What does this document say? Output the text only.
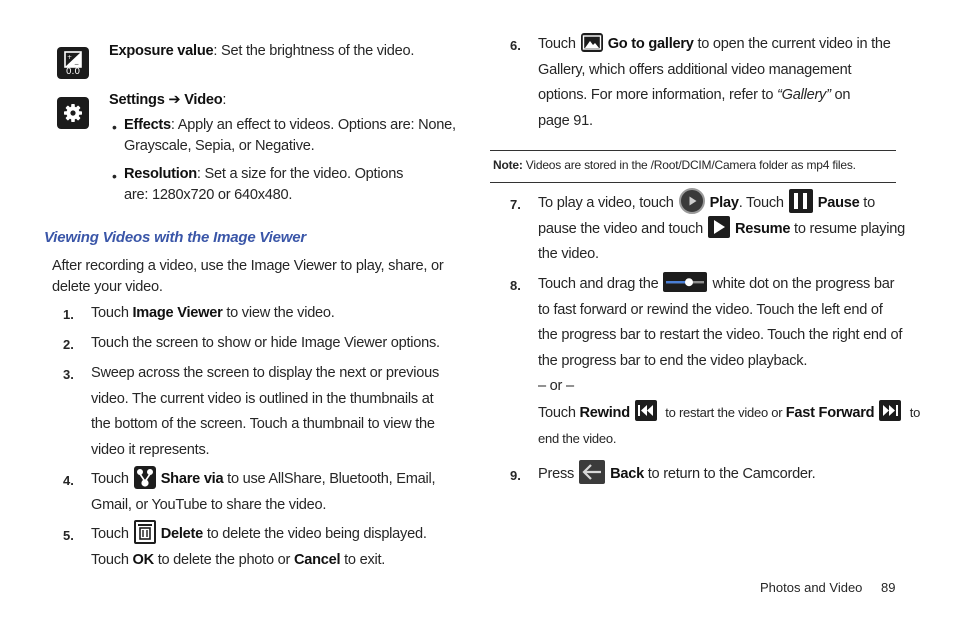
+
−
0.0
Exposure value: Set the brightness of the video.
Settings ➔ Video:
• Effects: Apply an effect to videos. Options are: None,
Grayscale, Sepia, or Negative.
• Resolution: Set a size for the video. Options
are: 1280x720 or 640x480.
Viewing Videos with the Image Viewer
After recording a video, use the Image Viewer to play, share, or
delete your video.
1. Touch Image Viewer to view the video.
2. Touch the screen to show or hide Image Viewer options.
3. Sweep across the screen to display the next or previous
video. The current video is outlined in the thumbnails at
the bottom of the screen. Touch a thumbnail to view the
video it represents.
4. Touch Share via to use AllShare, Bluetooth, Email,
Gmail, or YouTube to share the video.
5. Touch Delete to delete the video being displayed.
Touch OK to delete the photo or Cancel to exit.
6. Touch Go to gallery to open the current video in the
Gallery, which offers additional video management
options. For more information, refer to “Gallery” on
page 91.
Note: Videos are stored in the /Root/DCIM/Camera folder as mp4 files.
7. To play a video, touch Play. Touch Pause to
pause the video and touch Resume to resume playing
the video.
8. Touch and drag the	white dot on the progress bar
to fast forward or rewind the video. Touch the left end of
the progress bar to restart the video. Touch the right end of
the progress bar to end the video playback.
– or –
Touch Rewind
to restart the video or Fast Forward
to
end the video.
9. Press Back to return to the Camcorder.
Photos and Video 89
